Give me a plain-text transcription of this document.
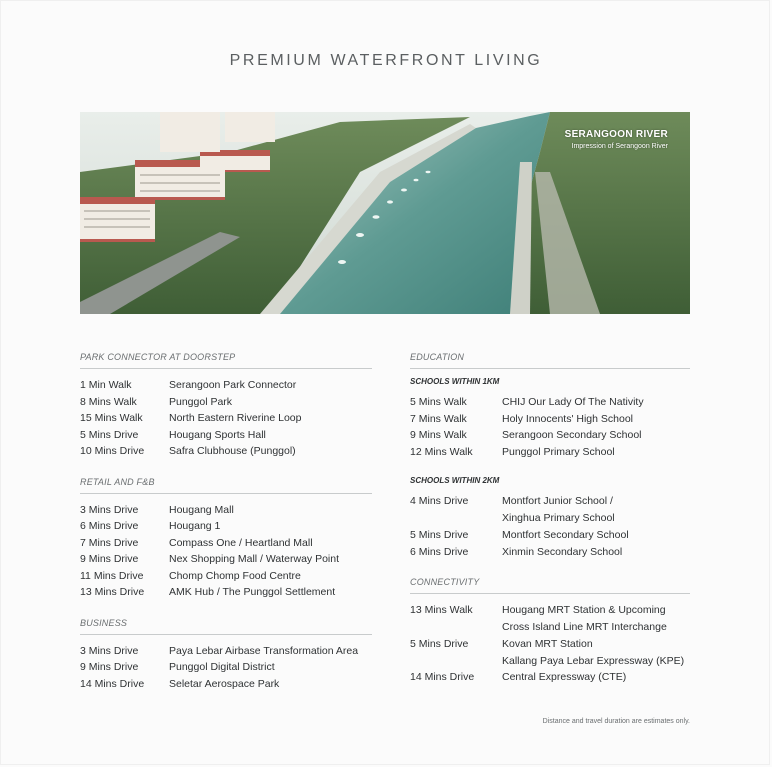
PREMIUM WATERFRONT LIVING
SERANGOON RIVER
Impression of Serangoon River
PARK CONNECTOR AT DOORSTEP
1 Min Walk	Serangoon Park Connector
8 Mins Walk	Punggol Park
15 Mins Walk	North Eastern Riverine Loop
5 Mins Drive	Hougang Sports Hall
10 Mins Drive	Safra Clubhouse (Punggol)
RETAIL AND F&B
3 Mins Drive	Hougang Mall
6 Mins Drive	Hougang 1
7 Mins Drive	Compass One / Heartland Mall
9 Mins Drive	Nex Shopping Mall / Waterway Point
11 Mins Drive	Chomp Chomp Food Centre
13 Mins Drive	AMK Hub / The Punggol Settlement
BUSINESS
3 Mins Drive	Paya Lebar Airbase Transformation Area
9 Mins Drive	Punggol Digital District
14 Mins Drive	Seletar Aerospace Park
EDUCATION
SCHOOLS WITHIN 1KM
5 Mins Walk	CHIJ Our Lady Of The Nativity
7 Mins Walk	Holy Innocents' High School
9 Mins Walk	Serangoon Secondary School
12 Mins Walk	Punggol Primary School
SCHOOLS WITHIN 2KM
4 Mins Drive	Montfort Junior School /
Xinghua Primary School
5 Mins Drive	Montfort Secondary School
6 Mins Drive	Xinmin Secondary School
CONNECTIVITY
13 Mins Walk	Hougang MRT Station & Upcoming
Cross Island Line MRT Interchange
5 Mins Drive	Kovan MRT Station
Kallang Paya Lebar Expressway (KPE)
14 Mins Drive	Central Expressway (CTE)
Distance and travel duration are estimates only.
